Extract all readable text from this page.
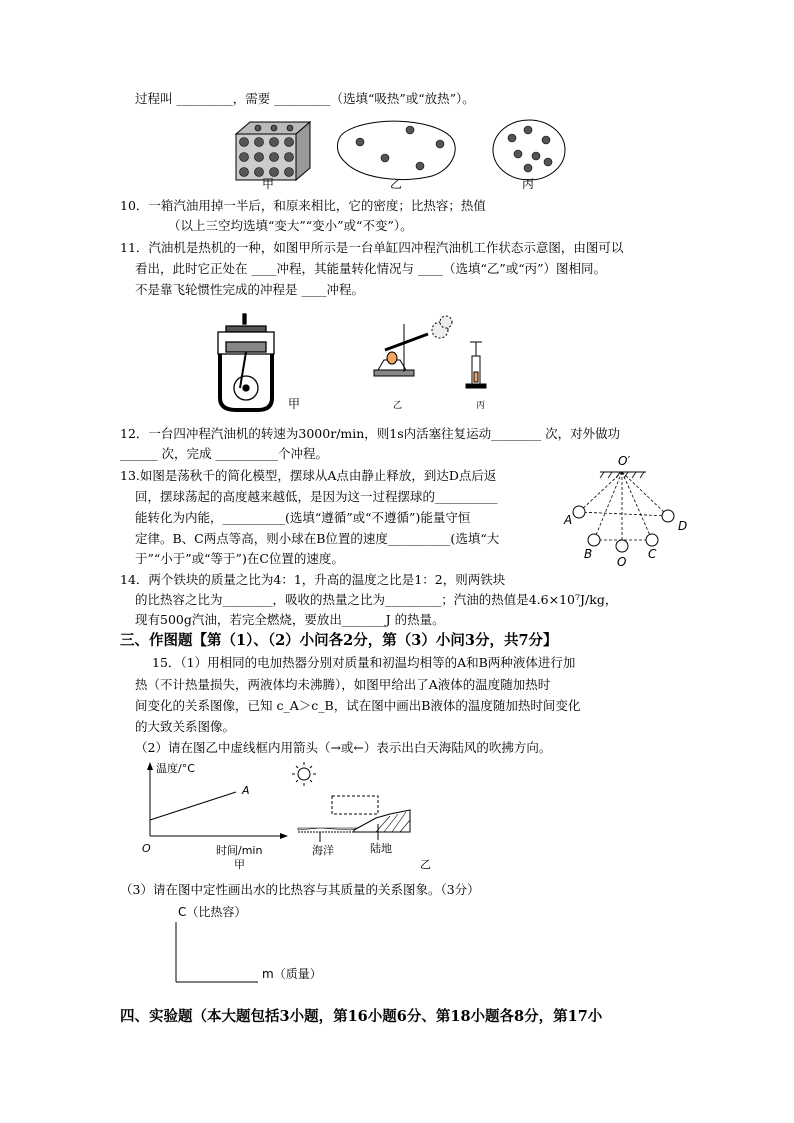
过程叫 _________，需要 _________（选填“吸热”或“放热”）。
甲	乙	丙
10．一箱汽油用掉一半后，和原来相比，它的密度；比热容；热值
（以上三空均选填“变大”“变小”或“不变”）。
11．汽油机是热机的一种，如图甲所示是一台单缸四冲程汽油机工作状态示意图，由图可以
看出，此时它正处在 ____冲程，其能量转化情况与 ____（选填“乙”或“丙”）图相同。
不是靠飞轮惯性完成的冲程是 ____冲程。
甲	乙	丙
12．一台四冲程汽油机的转速为3000r/min，则1s内活塞往复运动________ 次，对外做功
______ 次，完成 __________个冲程。
13.如图是荡秋千的简化模型，摆球从A点由静止释放，到达D点后返
回，摆球荡起的高度越来越低，是因为这一过程摆球的__________
能转化为内能，__________(选填“遵循”或“不遵循”)能量守恒
定律。B、C两点等高，则小球在B位置的速度__________(选填“大
于”“小于”或“等于”)在C位置的速度。
O′
A
B
O
C
D
14．两个铁块的质量之比为4：1，升高的温度之比是1：2，则两铁块
的比热容之比为________，吸收的热量之比为_________；汽油的热值是4.6×10⁷J/kg，
现有500g汽油，若完全燃烧，要放出_______J 的热量。
三、作图题【第（1）、（2）小问各2分，第（3）小问3分，共7分】
15．（1）用相同的电加热器分别对质量和初温均相等的A和B两种液体进行加
热（不计热量损失，两液体均未沸腾），如图甲给出了A液体的温度随加热时
间变化的关系图像，已知 c_A＞c_B，试在图中画出B液体的温度随加热时间变化
的大致关系图像。
（2）请在图乙中虚线框内用箭头（→或←）表示出白天海陆风的吹拂方向。
温度/°C
A
O	时间/min
甲
海洋	陆地
乙
（3）请在图中定性画出水的比热容与其质量的关系图象。（3分）
C（比热容）
m（质量）
四、实验题（本大题包括3小题，第16小题6分、第18小题各8分，第17小
